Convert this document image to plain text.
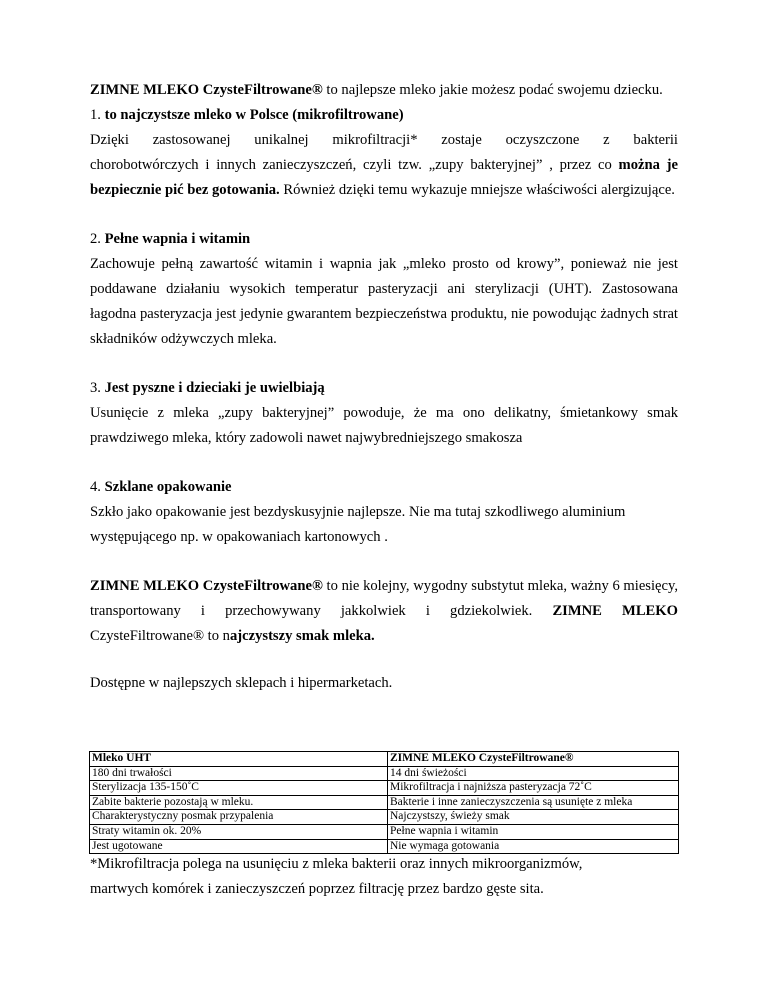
ZIMNE MLEKO CzysteFiltrowane® to najlepsze mleko jakie możesz podać swojemu dziecku.

1. to najczystsze mleko w Polsce (mikrofiltrowane)

Dzięki zastosowanej unikalnej mikrofiltracji* zostaje oczyszczone z bakterii

chorobotwórczych i innych zanieczyszczeń, czyli tzw. „zupy bakteryjnej” , przez co można je bezpiecznie pić bez gotowania. Również dzięki temu wykazuje mniejsze właściwości alergizujące.

2. Pełne wapnia i witamin

Zachowuje pełną zawartość witamin i wapnia jak „mleko prosto od krowy”, ponieważ nie jest poddawane działaniu wysokich temperatur pasteryzacji ani sterylizacji (UHT). Zastosowana łagodna pasteryzacja jest jedynie gwarantem bezpieczeństwa produktu, nie powodując żadnych strat składników odżywczych mleka.

3. Jest pyszne i dzieciaki je uwielbiają

Usunięcie z mleka „zupy bakteryjnej” powoduje, że ma ono delikatny, śmietankowy smak prawdziwego mleka, który zadowoli nawet najwybredniejszego smakosza

4. Szklane opakowanie

Szkło jako opakowanie jest bezdyskusyjnie najlepsze. Nie ma tutaj szkodliwego aluminium

występującego np. w opakowaniach kartonowych .

ZIMNE MLEKO CzysteFiltrowane® to nie kolejny, wygodny substytut mleka, ważny 6 miesięcy, transportowany i przechowywany jakkolwiek i gdziekolwiek. ZIMNE MLEKO CzysteFiltrowane® to najczystszy smak mleka.

Dostępne w najlepszych sklepach i hipermarketach.

Mleko UHT	ZIMNE MLEKO CzysteFiltrowane®
180 dni trwałości	14 dni świeżości
Sterylizacja 135-150˚C	Mikrofiltracja i najniższa pasteryzacja 72˚C
Zabite bakterie pozostają w mleku.	Bakterie i inne zanieczyszczenia są usunięte z mleka
Charakterystyczny posmak przypalenia	Najczystszy, świeży smak
Straty witamin ok. 20%	Pełne wapnia i witamin
Jest ugotowane	Nie wymaga gotowania
*Mikrofiltracja polega na usunięciu z mleka bakterii oraz innych mikroorganizmów,
martwych komórek i zanieczyszczeń poprzez filtrację przez bardzo gęste sita.
